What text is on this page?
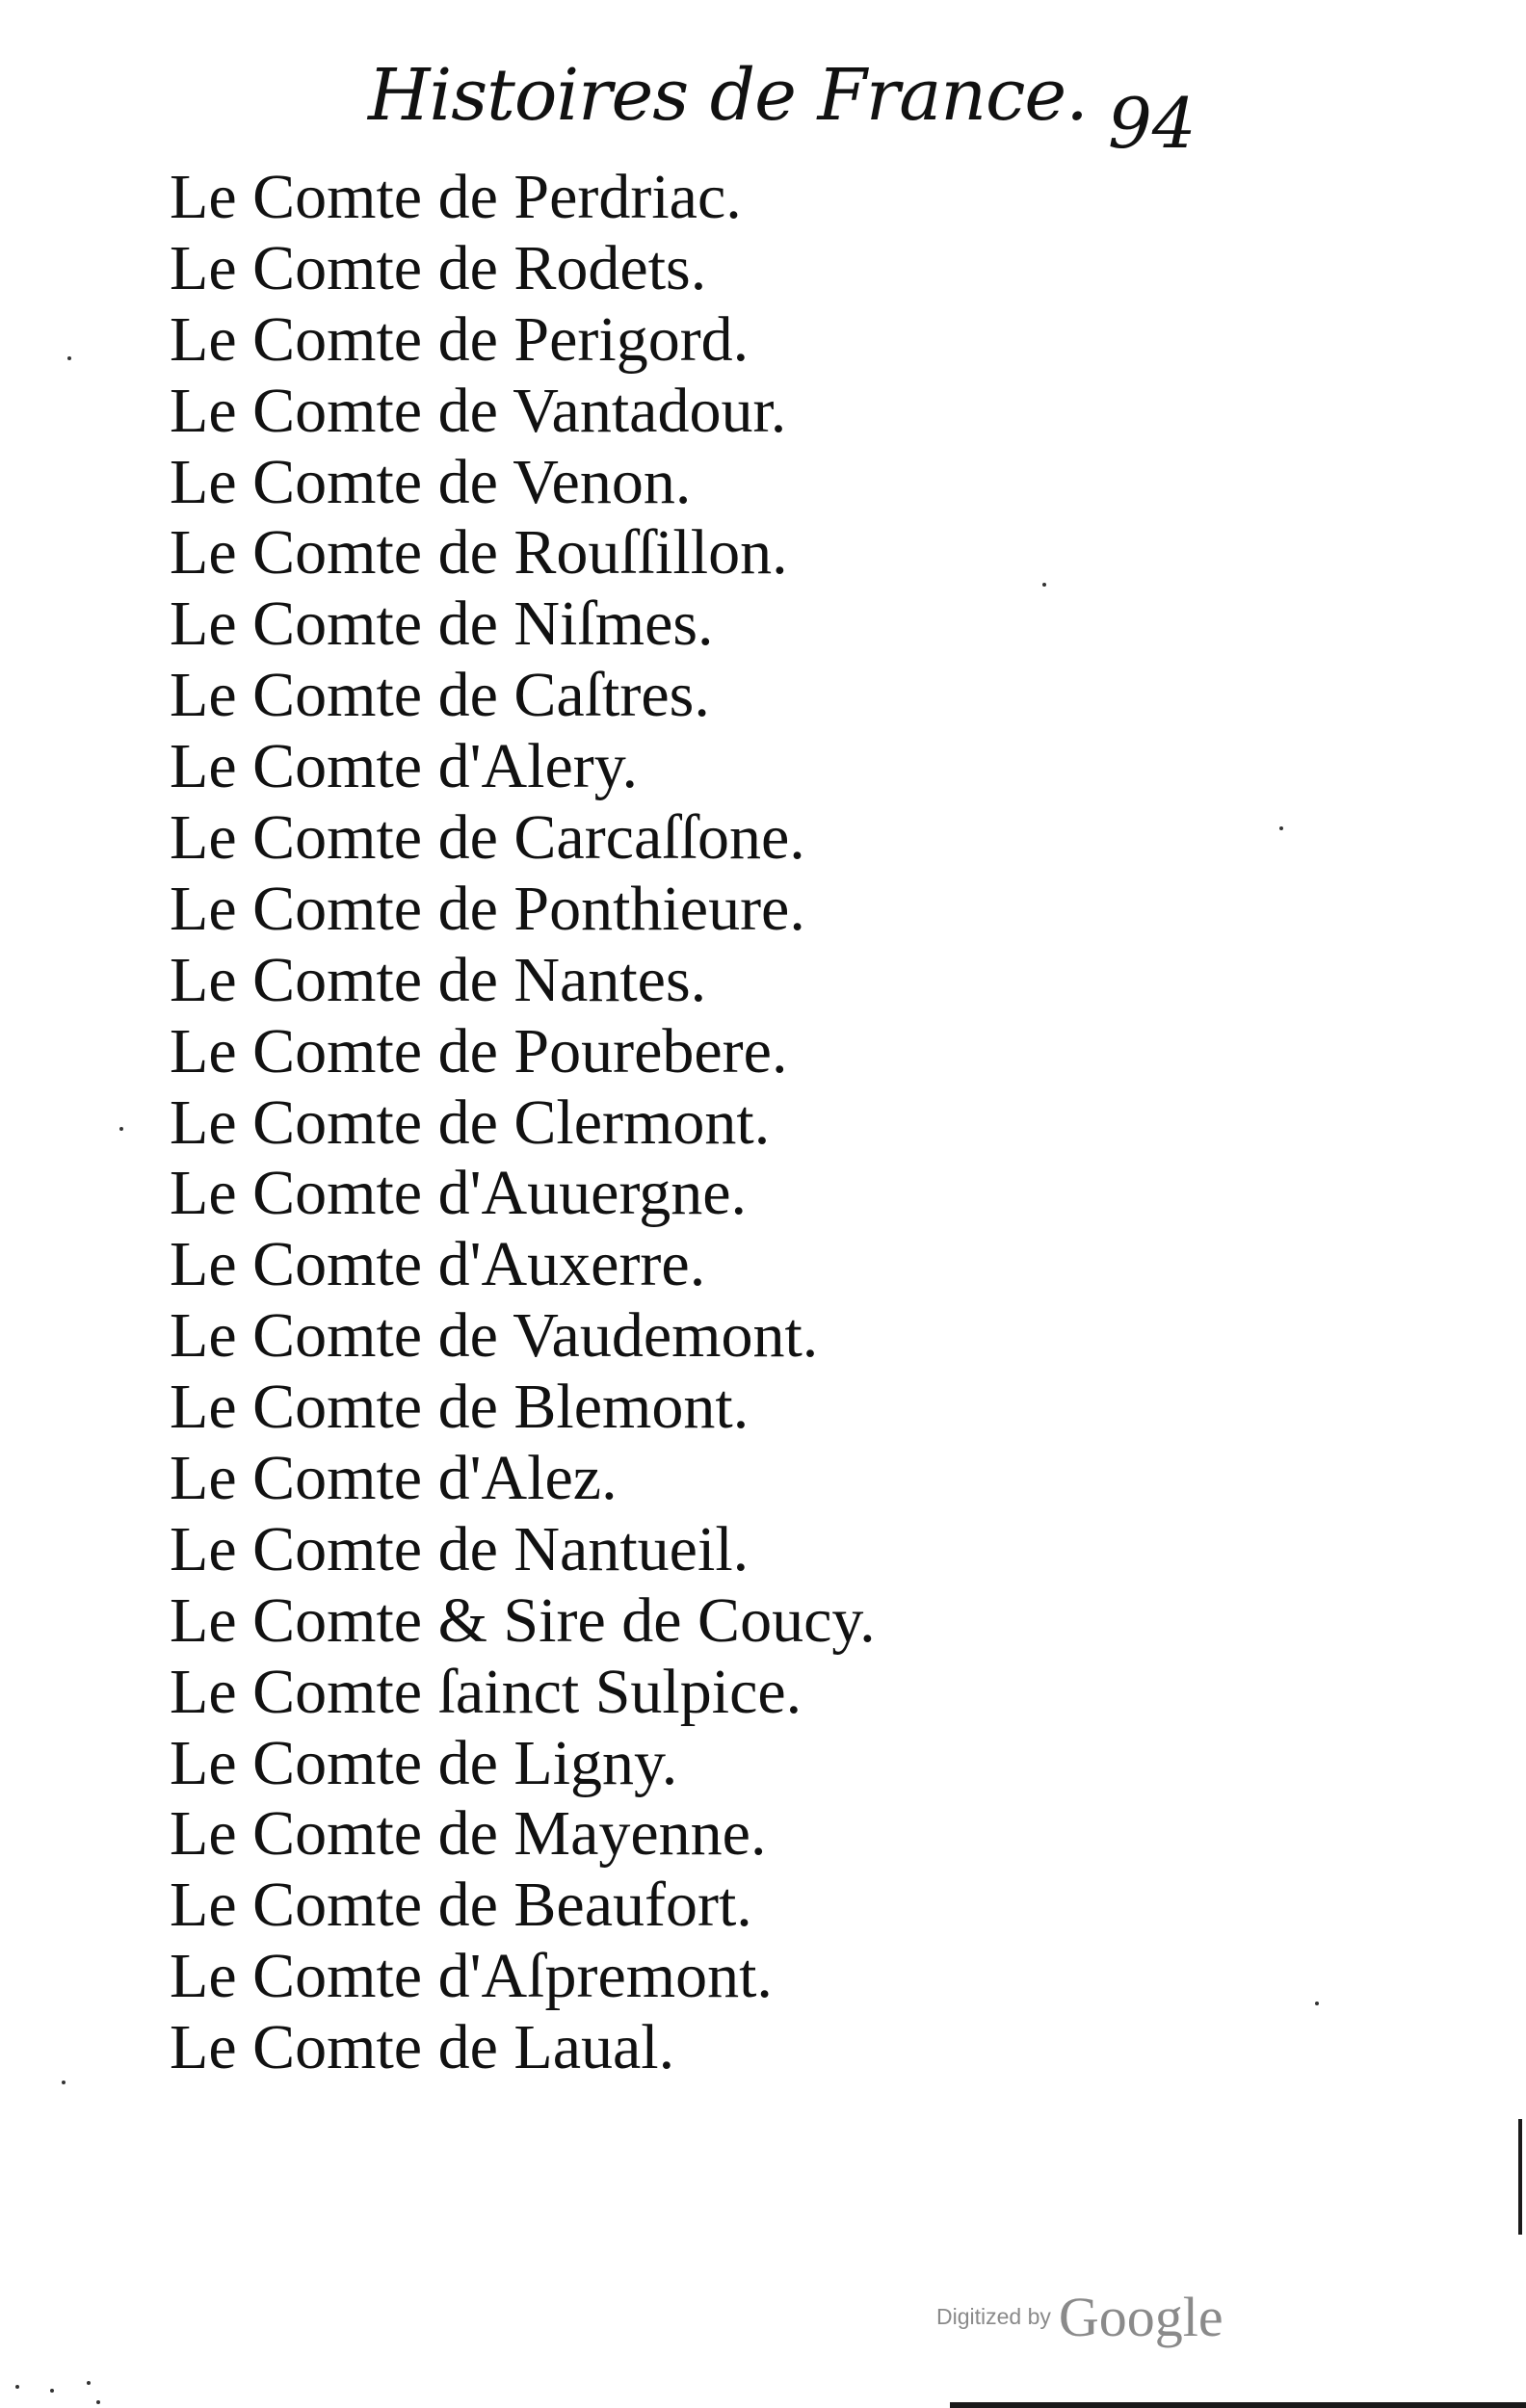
Histoires de France. 94
Le Comte de Perdriac.
Le Comte de Rodets.
Le Comte de Perigord.
Le Comte de Vantadour.
Le Comte de Venon.
Le Comte de Rouſſillon.
Le Comte de Niſmes.
Le Comte de Caſtres.
Le Comte d'Alery.
Le Comte de Carcaſſone.
Le Comte de Ponthieure.
Le Comte de Nantes.
Le Comte de Pourebere.
Le Comte de Clermont.
Le Comte d'Auuergne.
Le Comte d'Auxerre.
Le Comte de Vaudemont.
Le Comte de Blemont.
Le Comte d'Alez.
Le Comte de Nantueil.
Le Comte & Sire de Coucy.
Le Comte ſainct Sulpice.
Le Comte de Ligny.
Le Comte de Mayenne.
Le Comte de Beaufort.
Le Comte d'Aſpremont.
Le Comte de Laual.
Digitized by Google
